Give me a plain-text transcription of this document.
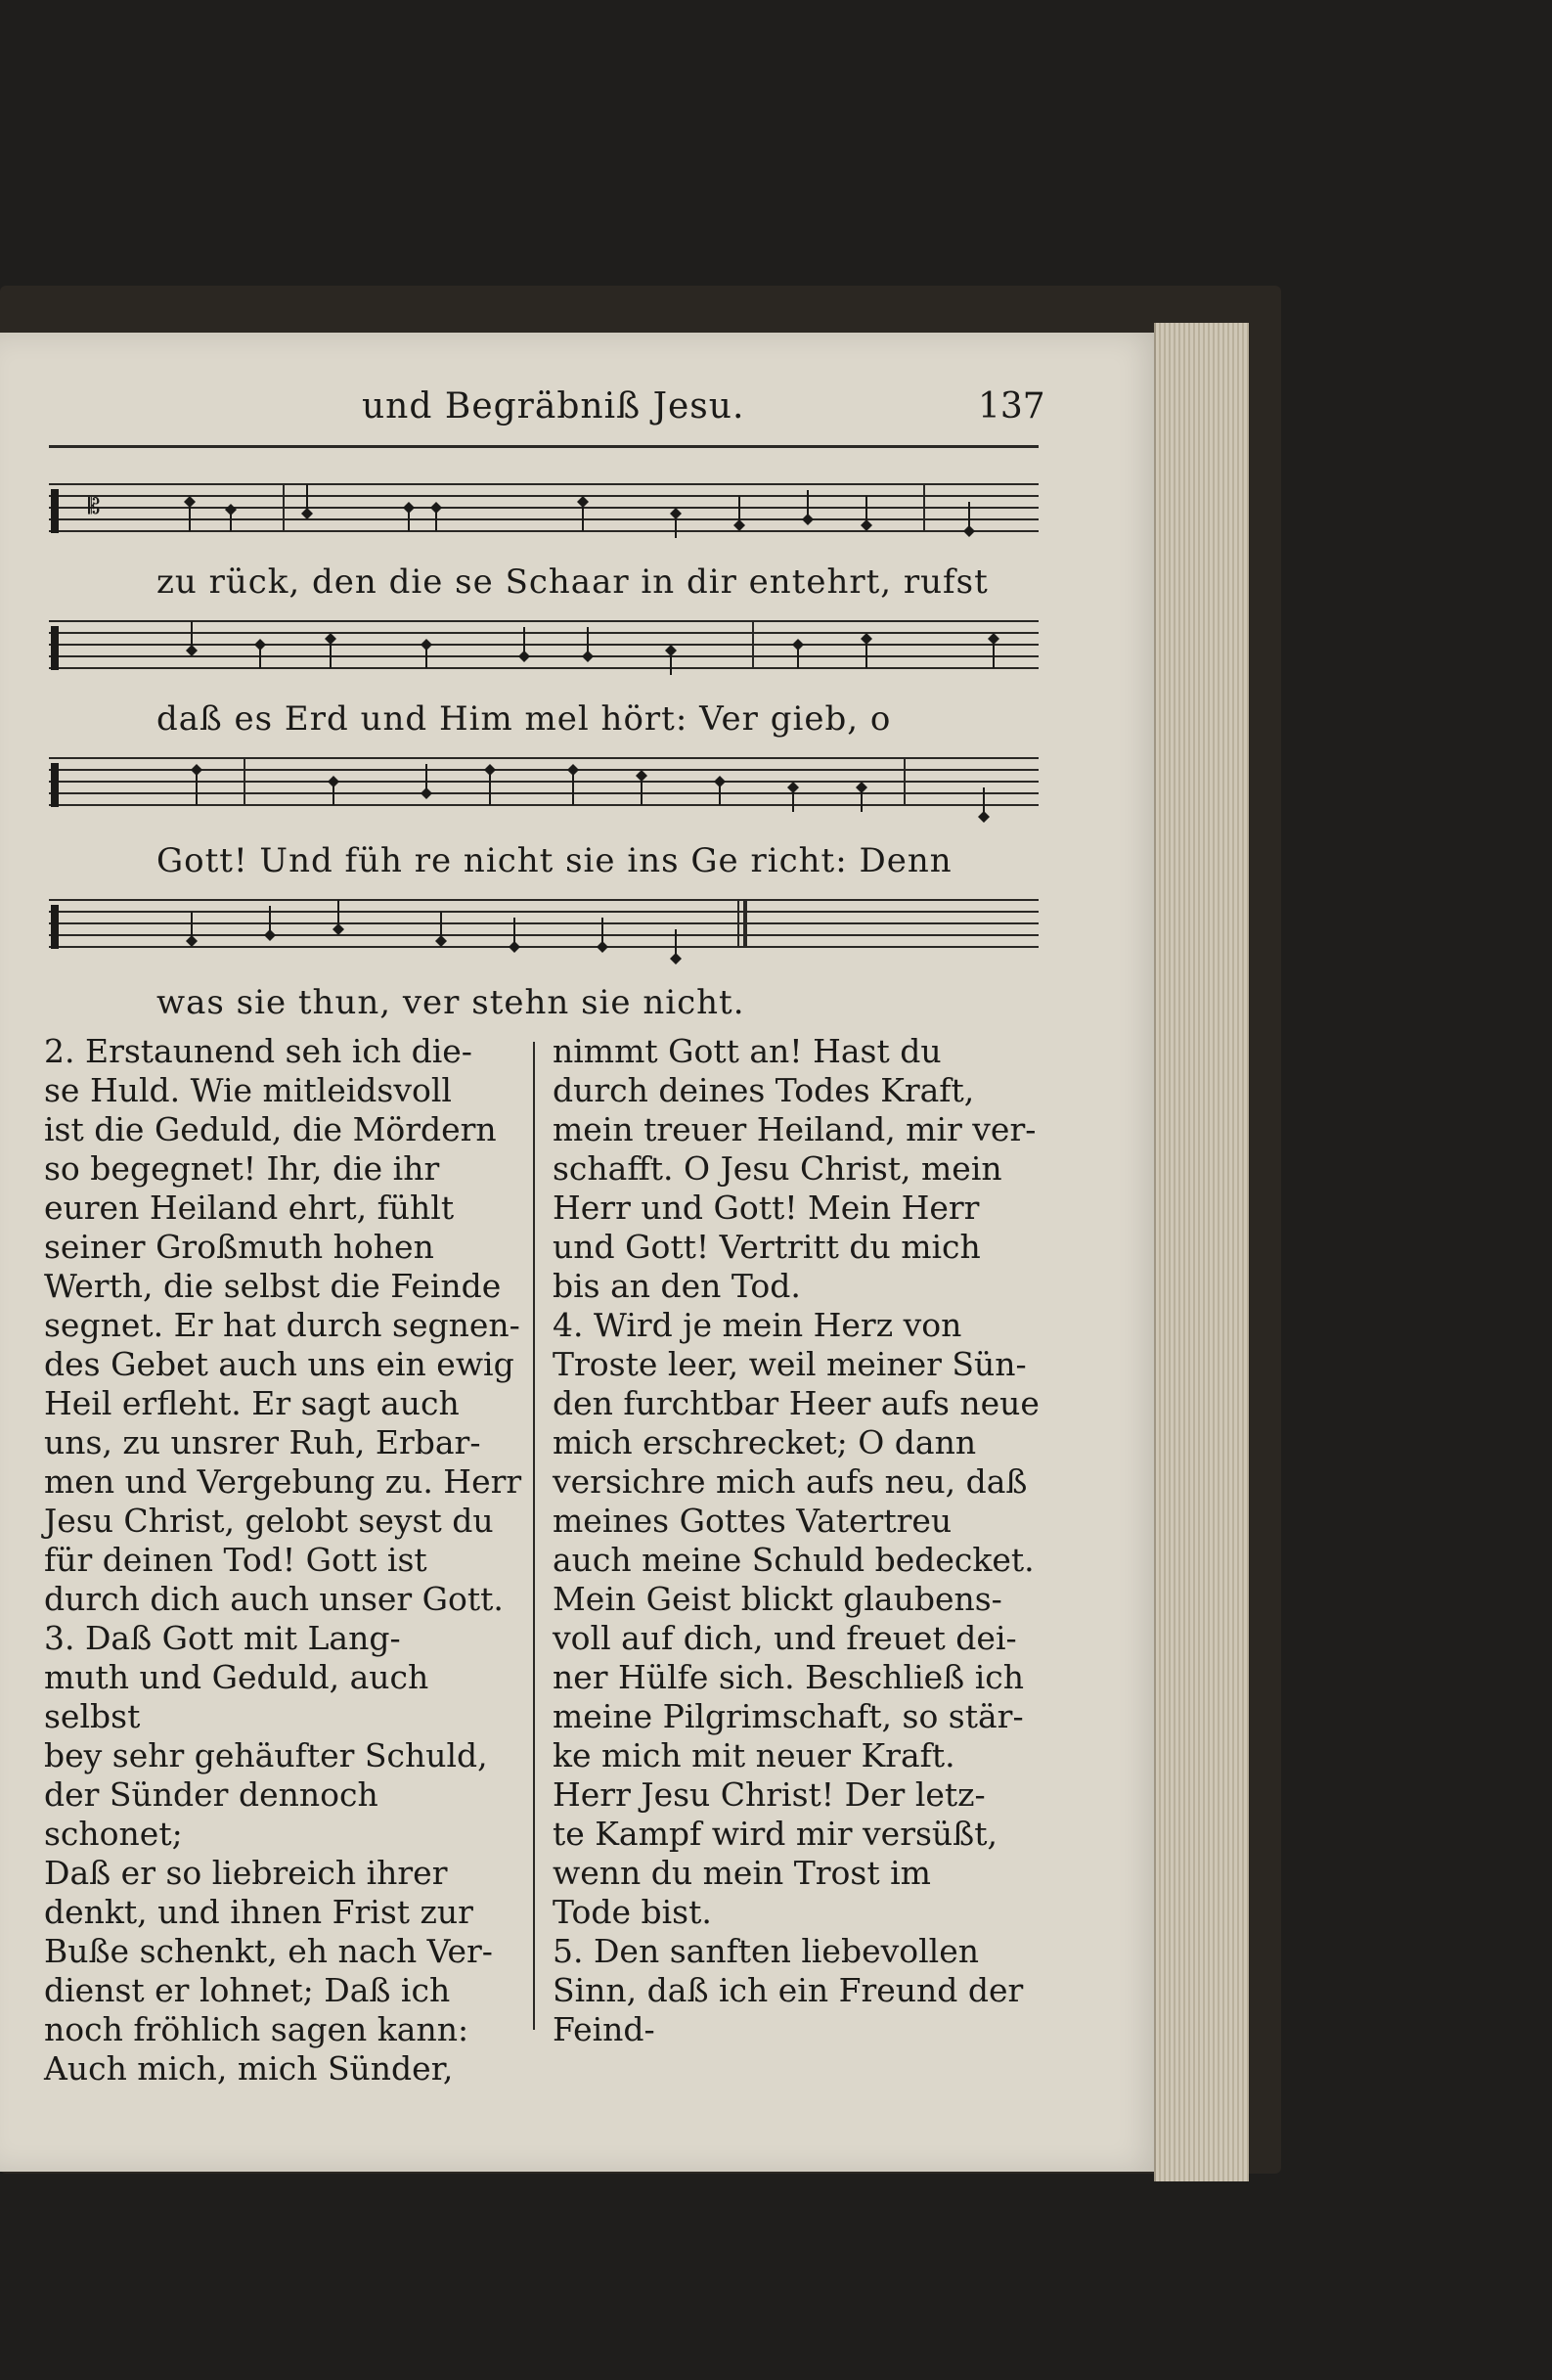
und Begräbniß Jesu.	137
𝄡
zu rück, den die se Schaar in dir entehrt, rufst
daß es Erd und Him mel hört: Ver gieb, o
Gott! Und füh re nicht sie ins Ge richt: Denn
was sie thun, ver stehn sie nicht.

2. Erstaunend seh ich die-
se Huld. Wie mitleidsvoll
ist die Geduld, die Mördern
so begegnet! Ihr, die ihr
euren Heiland ehrt, fühlt
seiner Großmuth hohen
Werth, die selbst die Feinde
segnet. Er hat durch segnen-
des Gebet auch uns ein ewig
Heil erfleht. Er sagt auch
uns, zu unsrer Ruh, Erbar-
men und Vergebung zu. Herr
Jesu Christ, gelobt seyst du
für deinen Tod! Gott ist
durch dich auch unser Gott.
3. Daß Gott mit Lang-
muth und Geduld, auch selbst
bey sehr gehäufter Schuld,
der Sünder dennoch schonet;
Daß er so liebreich ihrer
denkt, und ihnen Frist zur
Buße schenkt, eh nach Ver-
dienst er lohnet; Daß ich
noch fröhlich sagen kann:
Auch mich, mich Sünder,

nimmt Gott an! Hast du
durch deines Todes Kraft,
mein treuer Heiland, mir ver-
schafft. O Jesu Christ, mein
Herr und Gott! Mein Herr
und Gott! Vertritt du mich
bis an den Tod.
4. Wird je mein Herz von
Troste leer, weil meiner Sün-
den furchtbar Heer aufs neue
mich erschrecket; O dann
versichre mich aufs neu, daß
meines Gottes Vatertreu
auch meine Schuld bedecket.
Mein Geist blickt glaubens-
voll auf dich, und freuet dei-
ner Hülfe sich. Beschließ ich
meine Pilgrimschaft, so stär-
ke mich mit neuer Kraft.
Herr Jesu Christ! Der letz-
te Kampf wird mir versüßt,
wenn du mein Trost im
Tode bist.
5. Den sanften liebevollen
Sinn, daß ich ein Freund der
Feind-
